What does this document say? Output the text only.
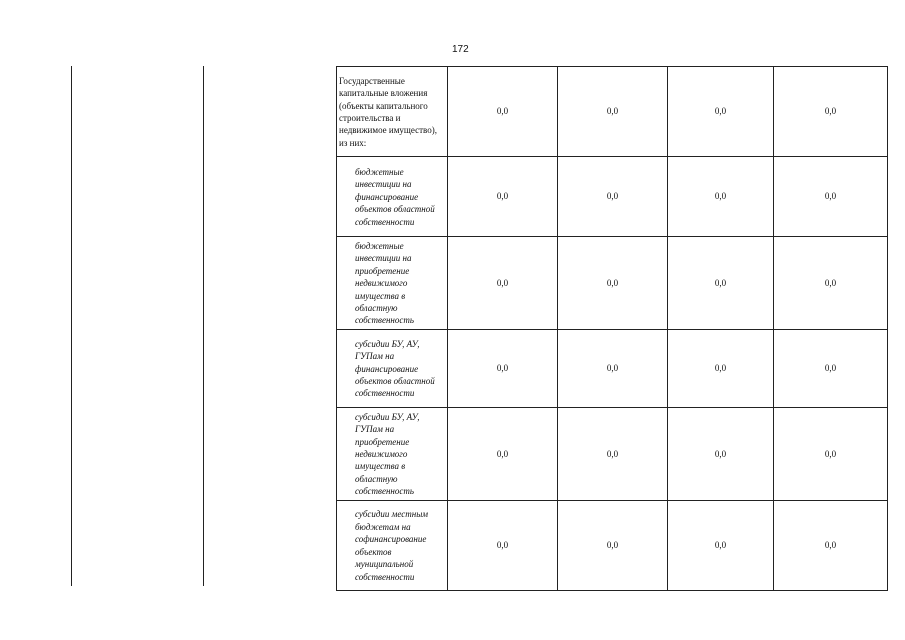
172
Государственные капитальные вложения (объекты капитального строительства и недвижимое имущество), из них:	0,0	0,0	0,0	0,0
бюджетные инвестиции на финансирование объектов областной собственности	0,0	0,0	0,0	0,0
бюджетные инвестиции на приобретение недвижимого имущества в областную собственность	0,0	0,0	0,0	0,0
субсидии БУ, АУ, ГУПам на финансирование объектов областной собственности	0,0	0,0	0,0	0,0
субсидии БУ, АУ, ГУПам на приобретение недвижимого имущества в областную собственность	0,0	0,0	0,0	0,0
субсидии местным бюджетам на софинансирование объектов муниципальной собственности	0,0	0,0	0,0	0,0
